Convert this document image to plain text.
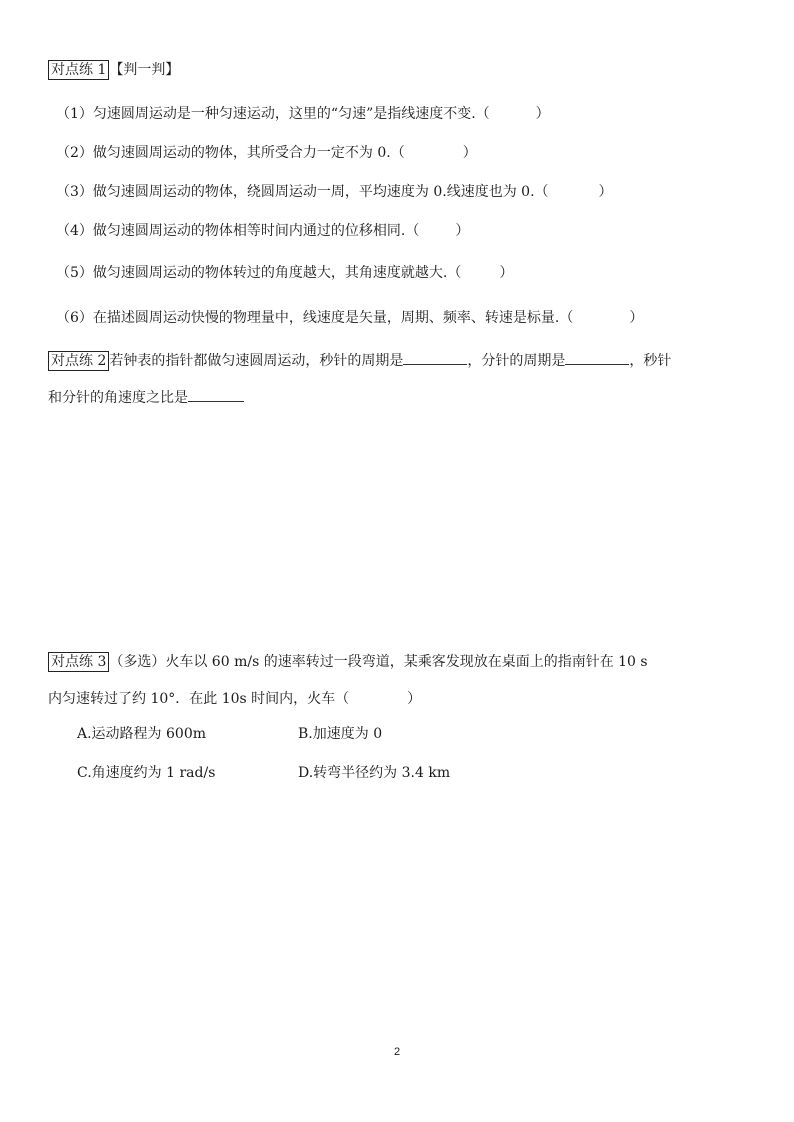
对点练 1 【判一判】
（1）匀速圆周运动是一种匀速运动，这里的“匀速”是指线速度不变.（	）
（2）做匀速圆周运动的物体，其所受合力一定不为 0.（	）
（3）做匀速圆周运动的物体，绕圆周运动一周，平均速度为 0.线速度也为 0.（	）
（4）做匀速圆周运动的物体相等时间内通过的位移相同.（	）
（5）做匀速圆周运动的物体转过的角度越大，其角速度就越大.（	）
（6）在描述圆周运动快慢的物理量中，线速度是矢量，周期、频率、转速是标量.（	）
对点练 2 若钟表的指针都做匀速圆周运动，秒针的周期是	，分针的周期是	，秒针
和分针的角速度之比是
对点练 3 （多选）火车以 60 m/s 的速率转过一段弯道，某乘客发现放在桌面上的指南针在 10 s
内匀速转过了约 10°．在此 10s 时间内，火车（	）
A.运动路程为 600m	B.加速度为 0
C.角速度约为 1 rad/s	D.转弯半径约为 3.4 km
2
